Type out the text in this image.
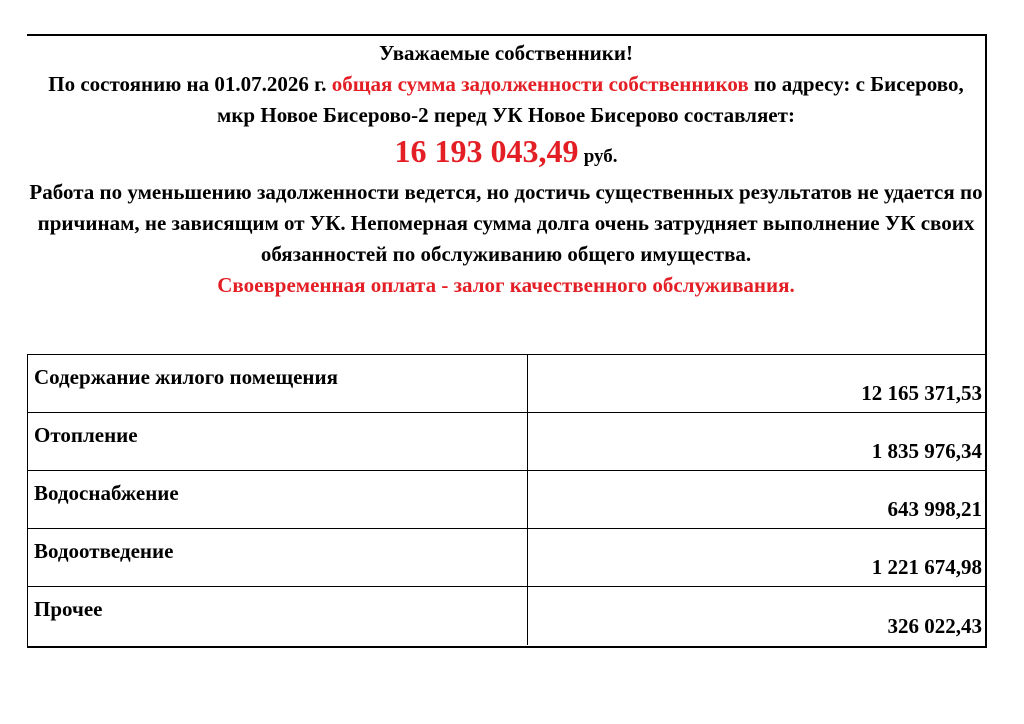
Уважаемые собственники!

По состоянию на 01.07.2026 г. общая сумма задолженности собственников по адресу: с Бисерово, мкр Новое Бисерово-2 перед УК Новое Бисерово составляет:

16 193 043,49 руб.

Работа по уменьшению задолженности ведется, но достичь существенных результатов не удается по причинам, не зависящим от УК. Непомерная сумма долга очень затрудняет выполнение УК своих обязанностей по обслуживанию общего имущества.

Своевременная оплата - залог качественного обслуживания.

Содержание жилого помещения	12 165 371,53

Отопление	1 835 976,34

Водоснабжение	643 998,21

Водоотведение	1 221 674,98

Прочее	326 022,43
